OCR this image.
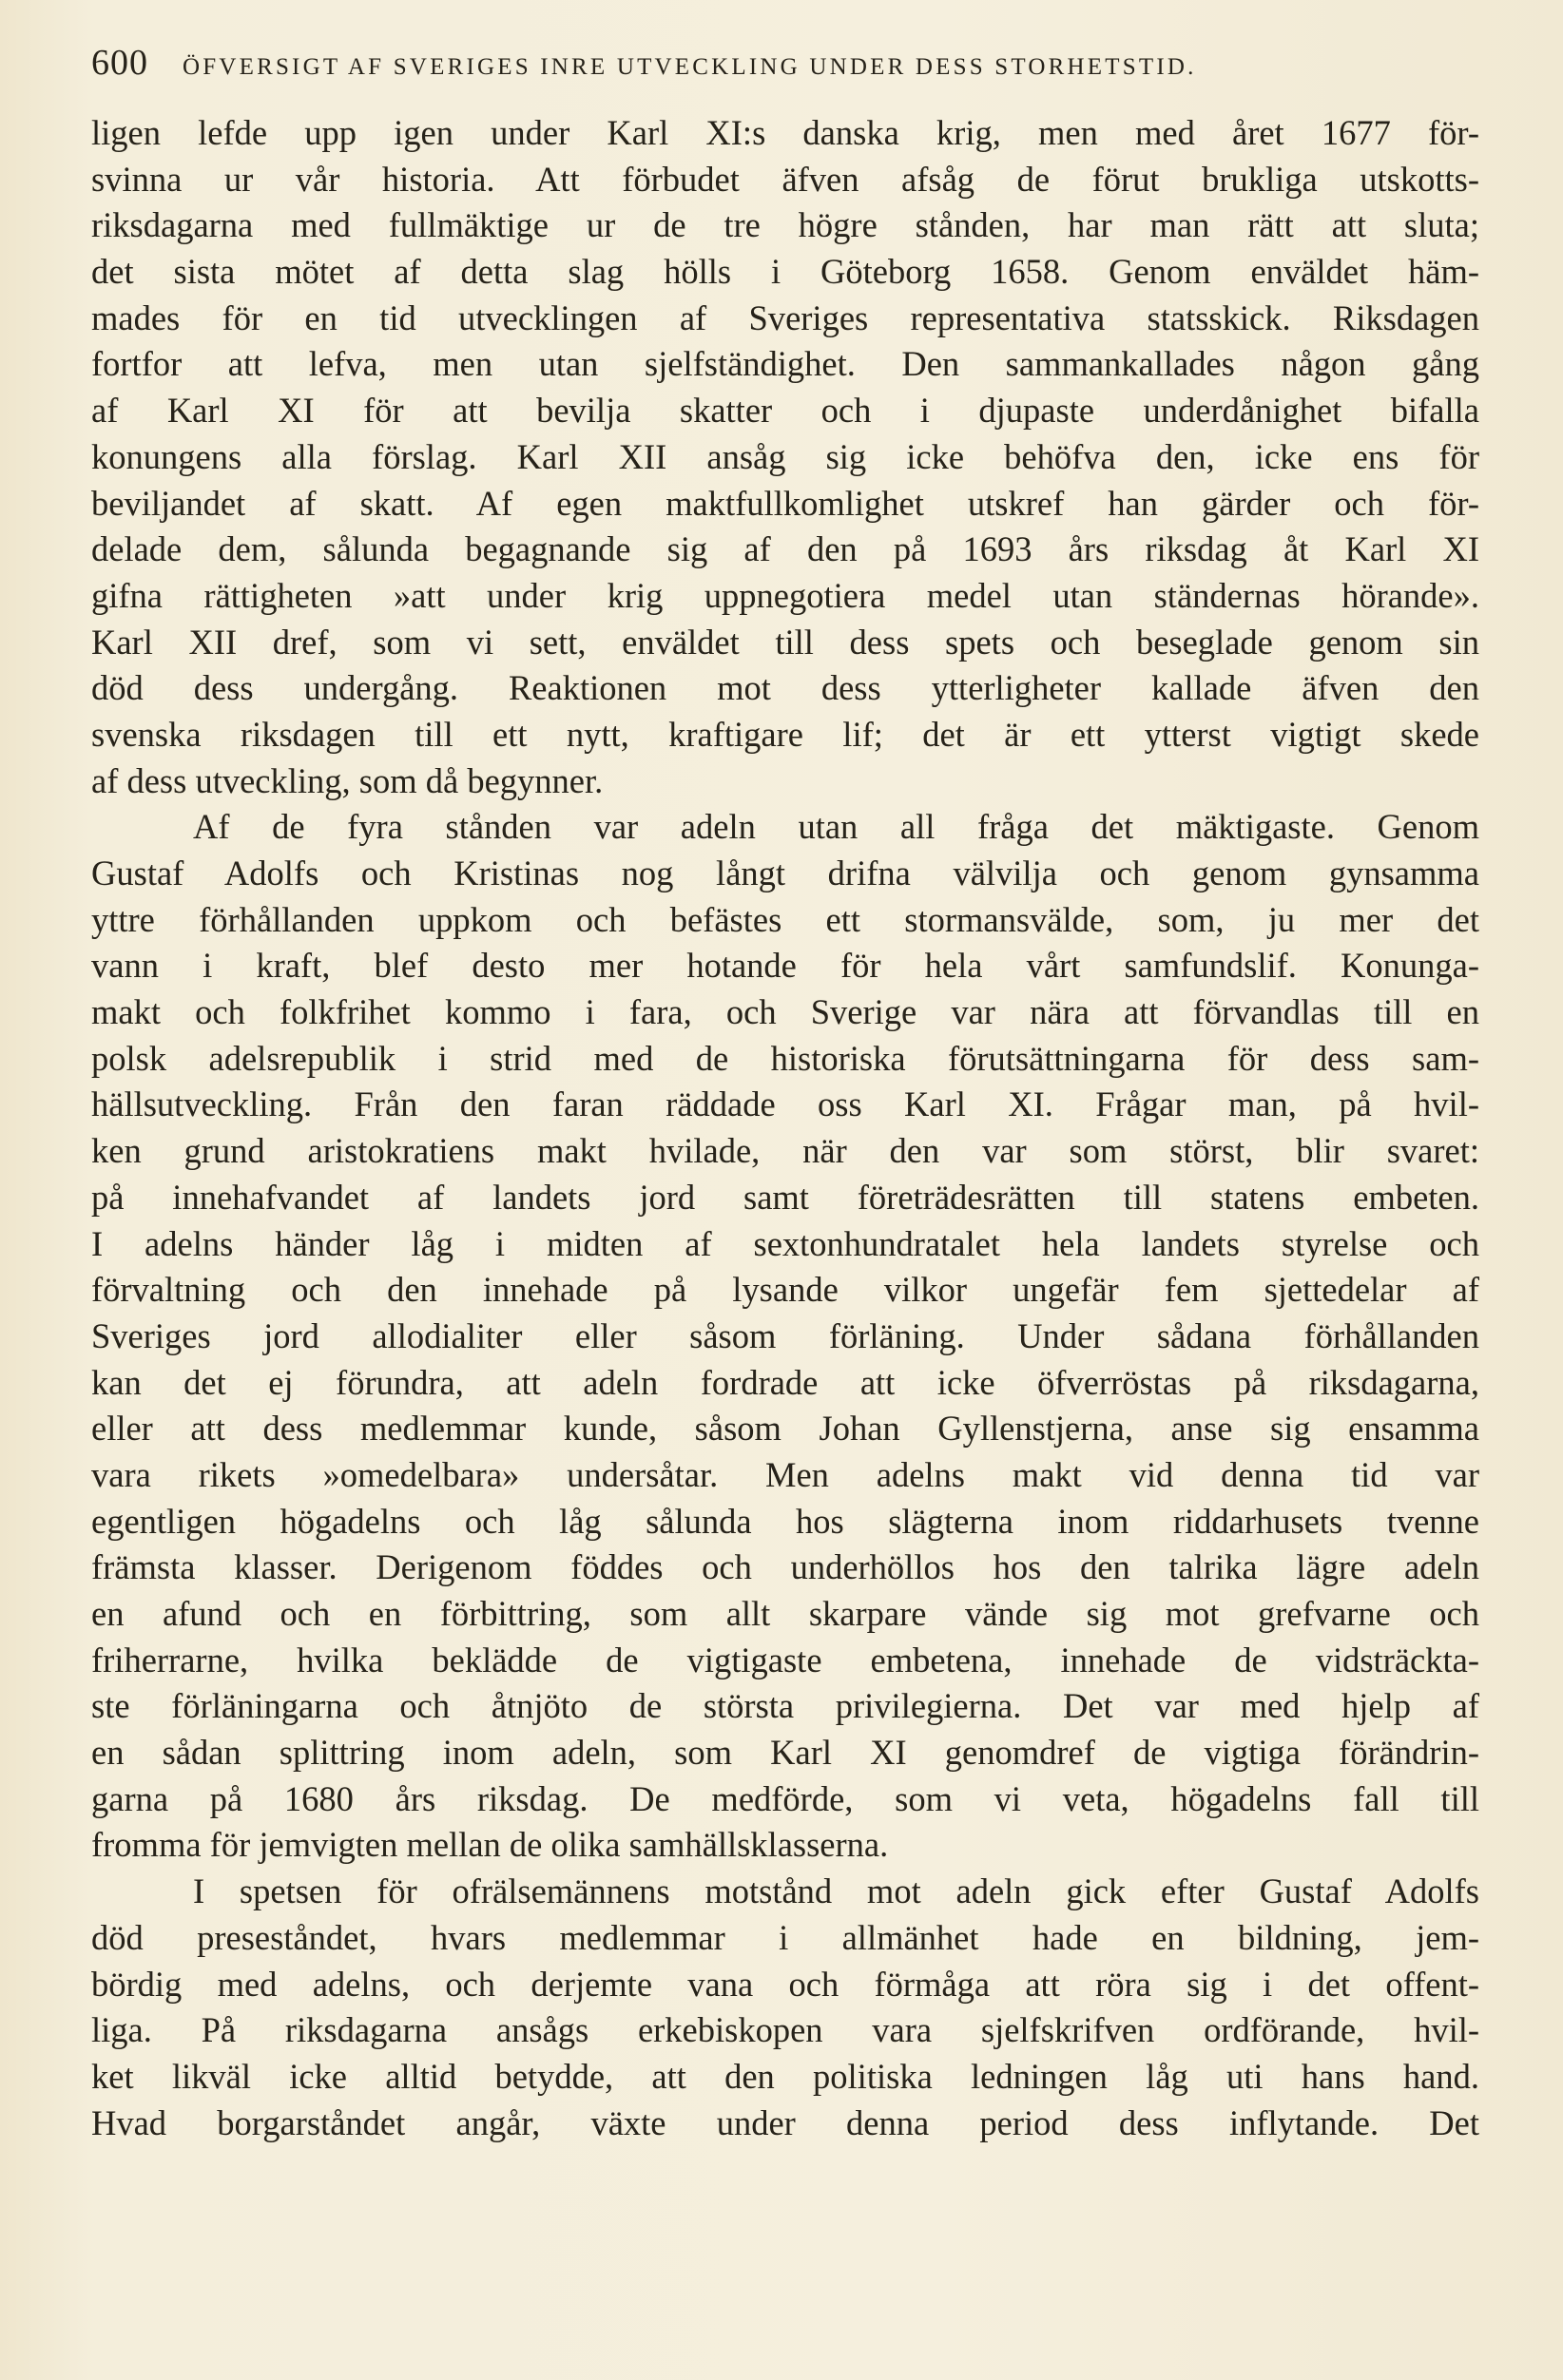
600 ÖFVERSIGT AF SVERIGES INRE UTVECKLING UNDER DESS STORHETSTID.
ligen lefde upp igen under Karl XI:s danska krig, men med året 1677 för-
svinna ur vår historia. Att förbudet äfven afsåg de förut brukliga utskotts-
riksdagarna med fullmäktige ur de tre högre stånden, har man rätt att sluta;
det sista mötet af detta slag hölls i Göteborg 1658. Genom enväldet häm-
mades för en tid utvecklingen af Sveriges representativa statsskick. Riksdagen
fortfor att lefva, men utan sjelfständighet. Den sammankallades någon gång
af Karl XI för att bevilja skatter och i djupaste underdånighet bifalla
konungens alla förslag. Karl XII ansåg sig icke behöfva den, icke ens för
beviljandet af skatt. Af egen maktfullkomlighet utskref han gärder och för-
delade dem, sålunda begagnande sig af den på 1693 års riksdag åt Karl XI
gifna rättigheten »att under krig uppnegotiera medel utan ständernas hörande».
Karl XII dref, som vi sett, enväldet till dess spets och beseglade genom sin
död dess undergång. Reaktionen mot dess ytterligheter kallade äfven den
svenska riksdagen till ett nytt, kraftigare lif; det är ett ytterst vigtigt skede
af dess utveckling, som då begynner.
Af de fyra stånden var adeln utan all fråga det mäktigaste. Genom
Gustaf Adolfs och Kristinas nog långt drifna välvilja och genom gynsamma
yttre förhållanden uppkom och befästes ett stormansvälde, som, ju mer det
vann i kraft, blef desto mer hotande för hela vårt samfundslif. Konunga-
makt och folkfrihet kommo i fara, och Sverige var nära att förvandlas till en
polsk adelsrepublik i strid med de historiska förutsättningarna för dess sam-
hällsutveckling. Från den faran räddade oss Karl XI. Frågar man, på hvil-
ken grund aristokratiens makt hvilade, när den var som störst, blir svaret:
på innehafvandet af landets jord samt företrädesrätten till statens embeten.
I adelns händer låg i midten af sextonhundratalet hela landets styrelse och
förvaltning och den innehade på lysande vilkor ungefär fem sjettedelar af
Sveriges jord allodialiter eller såsom förläning. Under sådana förhållanden
kan det ej förundra, att adeln fordrade att icke öfverröstas på riksdagarna,
eller att dess medlemmar kunde, såsom Johan Gyllenstjerna, anse sig ensamma
vara rikets »omedelbara» undersåtar. Men adelns makt vid denna tid var
egentligen högadelns och låg sålunda hos slägterna inom riddarhusets tvenne
främsta klasser. Derigenom föddes och underhöllos hos den talrika lägre adeln
en afund och en förbittring, som allt skarpare vände sig mot grefvarne och
friherrarne, hvilka beklädde de vigtigaste embetena, innehade de vidsträckta-
ste förläningarna och åtnjöto de största privilegierna. Det var med hjelp af
en sådan splittring inom adeln, som Karl XI genomdref de vigtiga förändrin-
garna på 1680 års riksdag. De medförde, som vi veta, högadelns fall till
fromma för jemvigten mellan de olika samhällsklasserna.
I spetsen för ofrälsemännens motstånd mot adeln gick efter Gustaf Adolfs
död preseståndet, hvars medlemmar i allmänhet hade en bildning, jem-
bördig med adelns, och derjemte vana och förmåga att röra sig i det offent-
liga. På riksdagarna ansågs erkebiskopen vara sjelfskrifven ordförande, hvil-
ket likväl icke alltid betydde, att den politiska ledningen låg uti hans hand.
Hvad borgarståndet angår, växte under denna period dess inflytande. Det
